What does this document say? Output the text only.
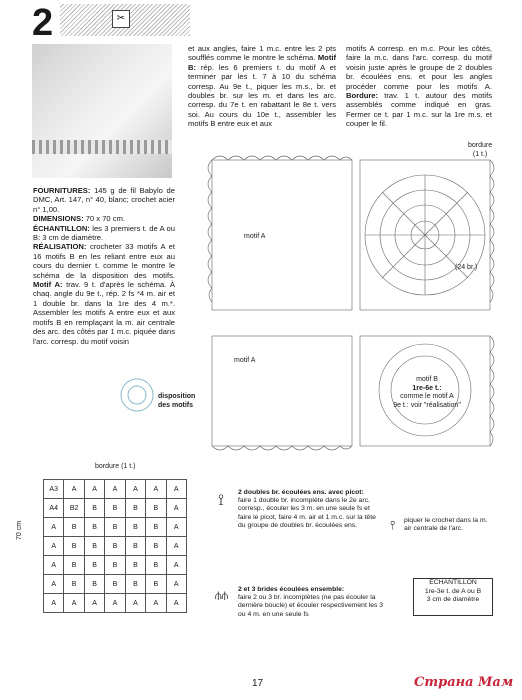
2	✂
FOURNITURES: 145 g de fil Babylo de DMC, Art. 147, n° 40, blanc; crochet acier n° 1,00.
DIMENSIONS: 70 x 70 cm.
ÉCHANTILLON: les 3 premiers t. de A ou B: 3 cm de diamètre.
RÉALISATION: crocheter 33 motifs A et 16 motifs B en les reliant entre eux au cours du dernier t. comme le montre le schéma de la disposition des motifs. Motif A: trav. 9 t. d'après le schéma. À chaq. angle du 9e t., rép. 2 fs *4 m. air et 1 double br. dans la 1re des 4 m.*. Assembler les motifs A entre eux et aux motifs B en remplaçant la m. air centrale des arc. des côtés par 1 m.c. piquée dans l'arc. corresp. du motif voisin
et aux angles, faire 1 m.c. entre les 2 pts soufflés comme le montre le schéma. Motif B: rép. les 6 premiers t. du motif A et terminer par les t. 7 à 10 du schéma corresp. Au 9e t., piquer les m.s., br. et doubles br. sur les m. et dans les arc. corresp. du 7e t. en rabattant le 8e t. vers soi. Au cours du 10e t., assembler les motifs B entre eux et aux
motifs A corresp. en m.c. Pour les côtés, faire la m.c. dans l'arc. corresp. du motif voisin juste après le groupe de 2 doubles br. écoulées ens. et pour les angles procéder comme pour les motifs A. Bordure: trav. 1 t. autour des motifs assemblés comme indiqué en gras. Fermer ce t. par 1 m.c. sur la 1re m.s. et couper le fil.
bordure
(1 t.)
motif A
motif A
(24 br.)
motif B
1re-6e t.:
comme le motif A
9e t.: voir "réalisation"
disposition des motifs
bordure (1 t.)
70 cm
A3	A	A	A	A	A	A
A4	B2	B	B	B	B	A
A	B	B	B	B	B	A
A	B	B	B	B	B	A
A	B	B	B	B	B	A
A	B	B	B	B	B	A
A	A	A	A	A	A	A
2 doubles br. écoulées ens. avec picot:
faire 1 double br. incomplète dans le 2e arc. corresp., écouler les 3 m. en une seule fs et faire le picot, faire 4 m. air et 1 m.c. sur la tête du groupe de doubles br. écoulées ens.
⟟
piquer le crochet dans la m. air centrale de l'arc.
⫯
2 et 3 brides écoulées ensemble:
faire 2 ou 3 br. incomplètes (ne pas écouler la dernière boucle) et écouler respectivement les 3 ou 4 m. en une seule fs
⫛⫛
ÉCHANTILLON
1re-3e t. de A ou B
3 cm de diamètre
17	Страна Мам
